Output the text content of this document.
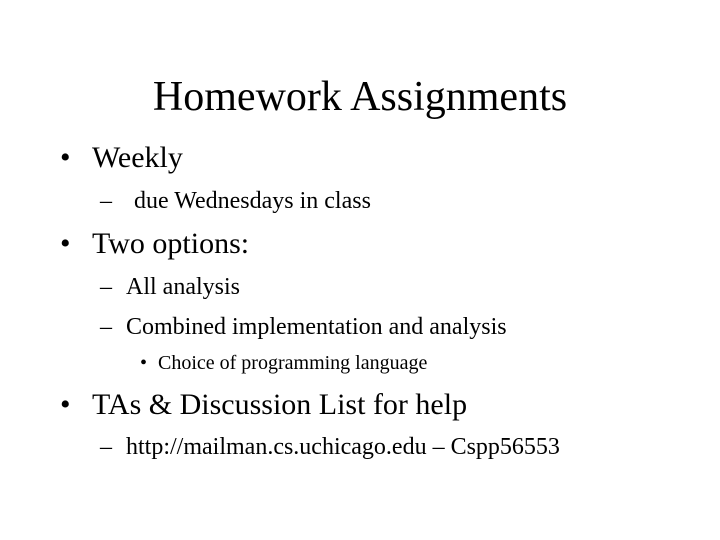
Homework Assignments
• Weekly
– due Wednesdays in class
• Two options:
– All analysis
– Combined implementation and analysis
• Choice of programming language
• TAs & Discussion List for help
– http://mailman.cs.uchicago.edu – Cspp56553
